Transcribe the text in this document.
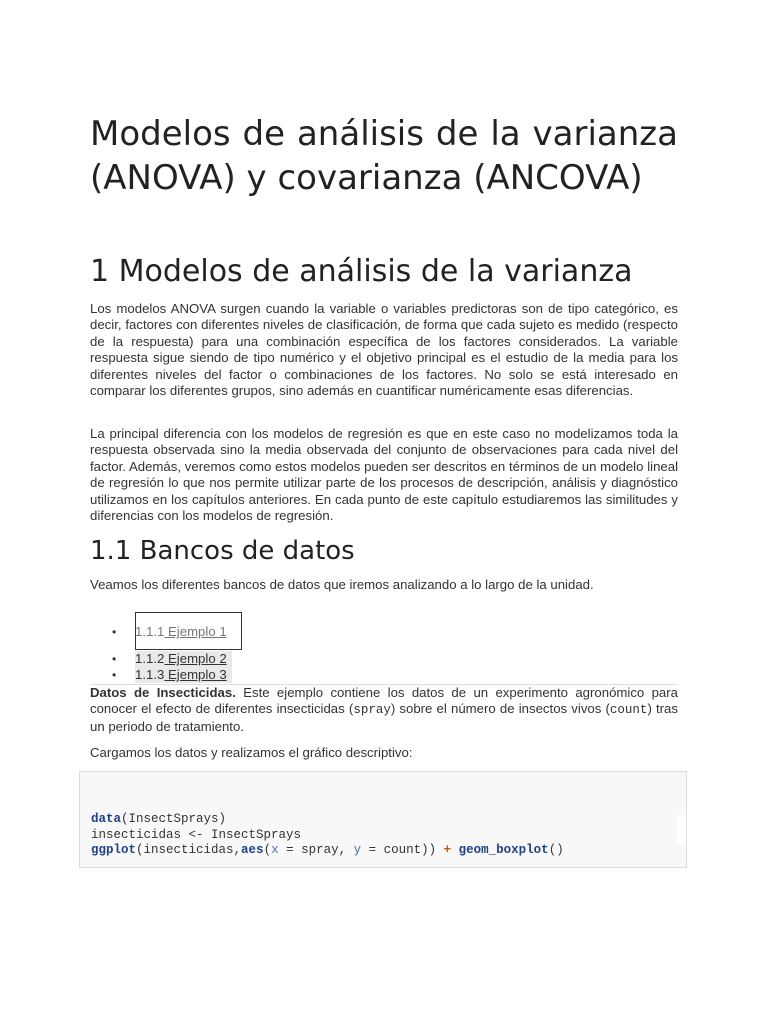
Modelos de análisis de la varianza (ANOVA) y covarianza (ANCOVA)
1 Modelos de análisis de la varianza

Los modelos ANOVA surgen cuando la variable o variables predictoras son de tipo categórico, es decir, factores con diferentes niveles de clasificación, de forma que cada sujeto es medido (respecto de la respuesta) para una combinación específica de los factores considerados. La variable respuesta sigue siendo de tipo numérico y el objetivo principal es el estudio de la media para los diferentes niveles del factor o combinaciones de los factores. No solo se está interesado en comparar los diferentes grupos, sino además en cuantificar numéricamente esas diferencias.

La principal diferencia con los modelos de regresión es que en este caso no modelizamos toda la respuesta observada sino la media observada del conjunto de observaciones para cada nivel del factor. Además, veremos como estos modelos pueden ser descritos en términos de un modelo lineal de regresión lo que nos permite utilizar parte de los procesos de descripción, análisis y diagnóstico utilizamos en los capítulos anteriores. En cada punto de este capítulo estudiaremos las similitudes y diferencias con los modelos de regresión.

1.1 Bancos de datos

Veamos los diferentes bancos de datos que iremos analizando a lo largo de la unidad.

• 1.1.1 Ejemplo 1
• 1.1.2 Ejemplo 2
• 1.1.3 Ejemplo 3

Datos de Insecticidas. Este ejemplo contiene los datos de un experimento agronómico para conocer el efecto de diferentes insecticidas (spray) sobre el número de insectos vivos (count) tras un periodo de tratamiento.

Cargamos los datos y realizamos el gráfico descriptivo:

data(InsectSprays)
insecticidas <- InsectSprays
ggplot(insecticidas,aes(x = spray, y = count)) + geom_boxplot()
